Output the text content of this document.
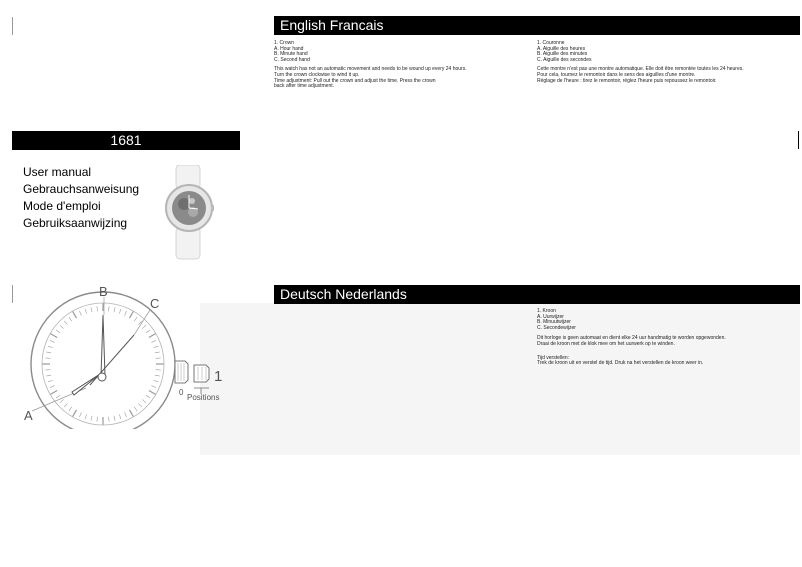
English Francais
1. Crown
A. Hour hand
B. Minute hand
C. Second hand
This watch has not an automatic movement and needs to be wound up every 24 hours.
Turn the crown clockwise to wind it up.
Time adjustment: Pull out the crown and adjust the time. Press the crown
back after time adjustment.
1. Couronne
A. Aiguille des heures
B. Aiguille des minutes
C. Aiguille des secondes
Cette montre n'est pas une montre automatique. Elle doit être remontée toutes les 24 heures.
Pour cela, tournez le remontoir dans le sens des aiguilles d'une montre.
Réglage de l'heure : tirez le remontoir, réglez l'heure puis repoussez le remontoir.
1681
User manual
Gebrauchsanweisung
Mode d'emploi
Gebruiksaanwijzing
A
B
C
0
1
Positions
Deutsch Nederlands
1. Kroon
A. Uurwijzer
B. Minuutwijzer
C. Secondewijzer
Dit horloge is geen automaat en dient elke 24 uur handmatig te worden opgewonden.
Draai de kroon met de klok mee om het uurwerk op te winden.
Tijd verstellen:
Trek de kroon uit en verstel de tijd. Druk na het verstellen de kroon weer in.
